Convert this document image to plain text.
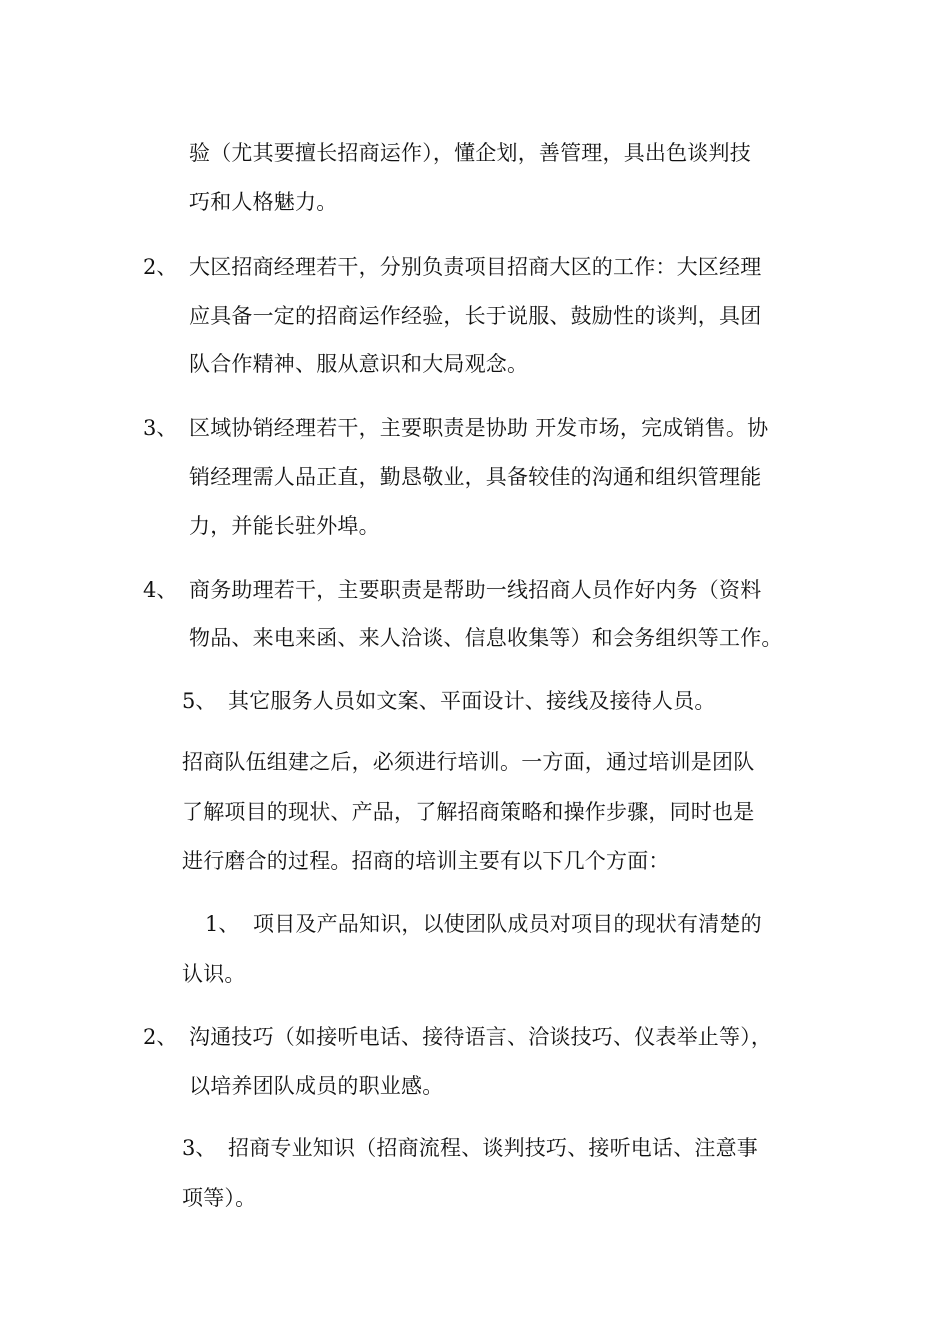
验（尤其要擅长招商运作），懂企划，善管理，具出色谈判技
巧和人格魅力。
2、 大区招商经理若干，分别负责项目招商大区的工作：大区经理
应具备一定的招商运作经验，长于说服、鼓励性的谈判，具团
队合作精神、服从意识和大局观念。
3、 区域协销经理若干，主要职责是协助 开发市场，完成销售。协
销经理需人品正直，勤恳敬业，具备较佳的沟通和组织管理能
力，并能长驻外埠。
4、 商务助理若干，主要职责是帮助一线招商人员作好内务（资料
物品、来电来函、来人洽谈、信息收集等）和会务组织等工作。
5、 其它服务人员如文案、平面设计、接线及接待人员。
招商队伍组建之后，必须进行培训。一方面，通过培训是团队
了解项目的现状、产品，了解招商策略和操作步骤，同时也是
进行磨合的过程。招商的培训主要有以下几个方面：
1、 项目及产品知识，以使团队成员对项目的现状有清楚的
认识。
2、 沟通技巧（如接听电话、接待语言、洽谈技巧、仪表举止等），
以培养团队成员的职业感。
3、 招商专业知识（招商流程、谈判技巧、接听电话、注意事
项等）。
